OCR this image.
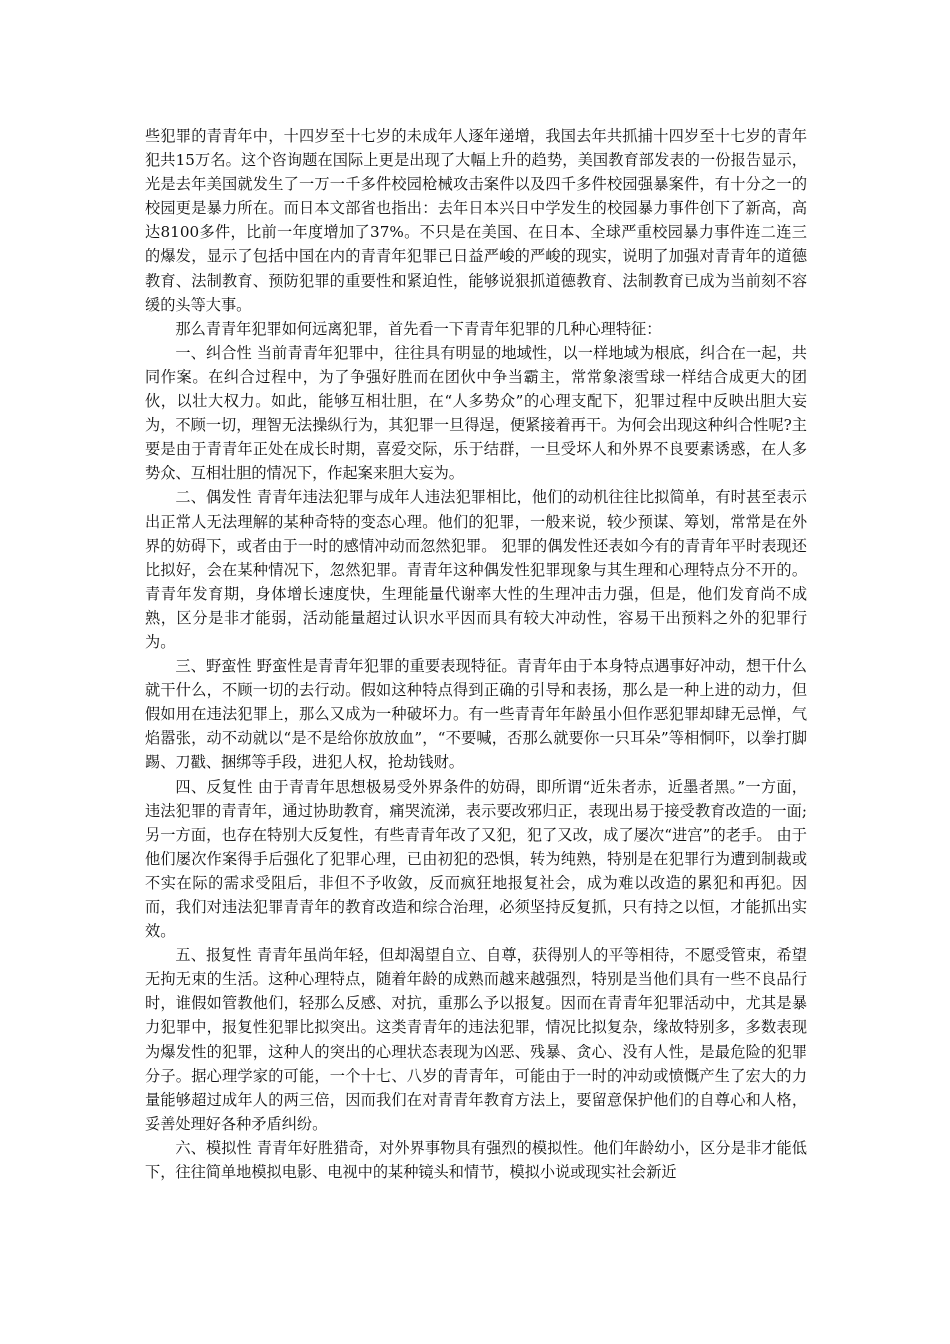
些犯罪的青青年中，十四岁至十七岁的未成年人逐年递增，我国去年共抓捕十四岁至十七岁的青年犯共15万名。这个咨询题在国际上更是出现了大幅上升的趋势，美国教育部发表的一份报告显示，光是去年美国就发生了一万一千多件校园枪械攻击案件以及四千多件校园强暴案件，有十分之一的校园更是暴力所在。而日本文部省也指出：去年日本兴日中学发生的校园暴力事件创下了新高，高达8100多件，比前一年度增加了37%。不只是在美国、在日本、全球严重校园暴力事件连二连三的爆发，显示了包括中国在内的青青年犯罪已日益严峻的严峻的现实，说明了加强对青青年的道德教育、法制教育、预防犯罪的重要性和紧迫性，能够说狠抓道德教育、法制教育已成为当前刻不容缓的头等大事。

那么青青年犯罪如何远离犯罪，首先看一下青青年犯罪的几种心理特征：

一、纠合性 当前青青年犯罪中，往往具有明显的地域性，以一样地域为根底，纠合在一起，共同作案。在纠合过程中，为了争强好胜而在团伙中争当霸主，常常象滚雪球一样结合成更大的团伙，以壮大权力。如此，能够互相壮胆，在“人多势众”的心理支配下，犯罪过程中反映出胆大妄为，不顾一切，理智无法操纵行为，其犯罪一旦得逞，便紧接着再干。为何会出现这种纠合性呢?主要是由于青青年正处在成长时期，喜爱交际，乐于结群，一旦受坏人和外界不良要素诱惑，在人多势众、互相壮胆的情况下，作起案来胆大妄为。

二、偶发性 青青年违法犯罪与成年人违法犯罪相比，他们的动机往往比拟简单，有时甚至表示出正常人无法理解的某种奇特的变态心理。他们的犯罪，一般来说，较少预谋、筹划，常常是在外界的妨碍下，或者由于一时的感情冲动而忽然犯罪。 犯罪的偶发性还表如今有的青青年平时表现还比拟好，会在某种情况下，忽然犯罪。青青年这种偶发性犯罪现象与其生理和心理特点分不开的。青青年发育期，身体增长速度快，生理能量代谢率大性的生理冲击力强，但是，他们发育尚不成熟，区分是非才能弱，活动能量超过认识水平因而具有较大冲动性，容易干出预料之外的犯罪行为。

三、野蛮性 野蛮性是青青年犯罪的重要表现特征。青青年由于本身特点遇事好冲动，想干什么就干什么，不顾一切的去行动。假如这种特点得到正确的引导和表扬，那么是一种上进的动力，但假如用在违法犯罪上，那么又成为一种破坏力。有一些青青年年龄虽小但作恶犯罪却肆无忌惮，气焰嚣张，动不动就以“是不是给你放放血”，“不要喊，否那么就要你一只耳朵”等相恫吓，以拳打脚踢、刀戳、捆绑等手段，进犯人权，抢劫钱财。

四、反复性 由于青青年思想极易受外界条件的妨碍，即所谓“近朱者赤，近墨者黑。”一方面，违法犯罪的青青年，通过协助教育，痛哭流涕，表示要改邪归正，表现出易于接受教育改造的一面;另一方面，也存在特别大反复性，有些青青年改了又犯，犯了又改，成了屡次“进宫”的老手。 由于他们屡次作案得手后强化了犯罪心理，已由初犯的恐惧，转为纯熟，特别是在犯罪行为遭到制裁或不实在际的需求受阻后，非但不予收敛，反而疯狂地报复社会，成为难以改造的累犯和再犯。因而，我们对违法犯罪青青年的教育改造和综合治理，必须坚持反复抓，只有持之以恒，才能抓出实效。

五、报复性 青青年虽尚年轻，但却渴望自立、自尊，获得别人的平等相待，不愿受管束，希望无拘无束的生活。这种心理特点，随着年龄的成熟而越来越强烈，特别是当他们具有一些不良品行时，谁假如管教他们，轻那么反感、对抗，重那么予以报复。因而在青青年犯罪活动中，尤其是暴力犯罪中，报复性犯罪比拟突出。这类青青年的违法犯罪，情况比拟复杂，缘故特别多，多数表现为爆发性的犯罪，这种人的突出的心理状态表现为凶恶、残暴、贪心、没有人性，是最危险的犯罪分子。据心理学家的可能，一个十七、八岁的青青年，可能由于一时的冲动或愤慨产生了宏大的力量能够超过成年人的两三倍，因而我们在对青青年教育方法上，要留意保护他们的自尊心和人格，妥善处理好各种矛盾纠纷。

六、模拟性 青青年好胜猎奇，对外界事物具有强烈的模拟性。他们年龄幼小，区分是非才能低下，往往简单地模拟电影、电视中的某种镜头和情节，模拟小说或现实社会新近
